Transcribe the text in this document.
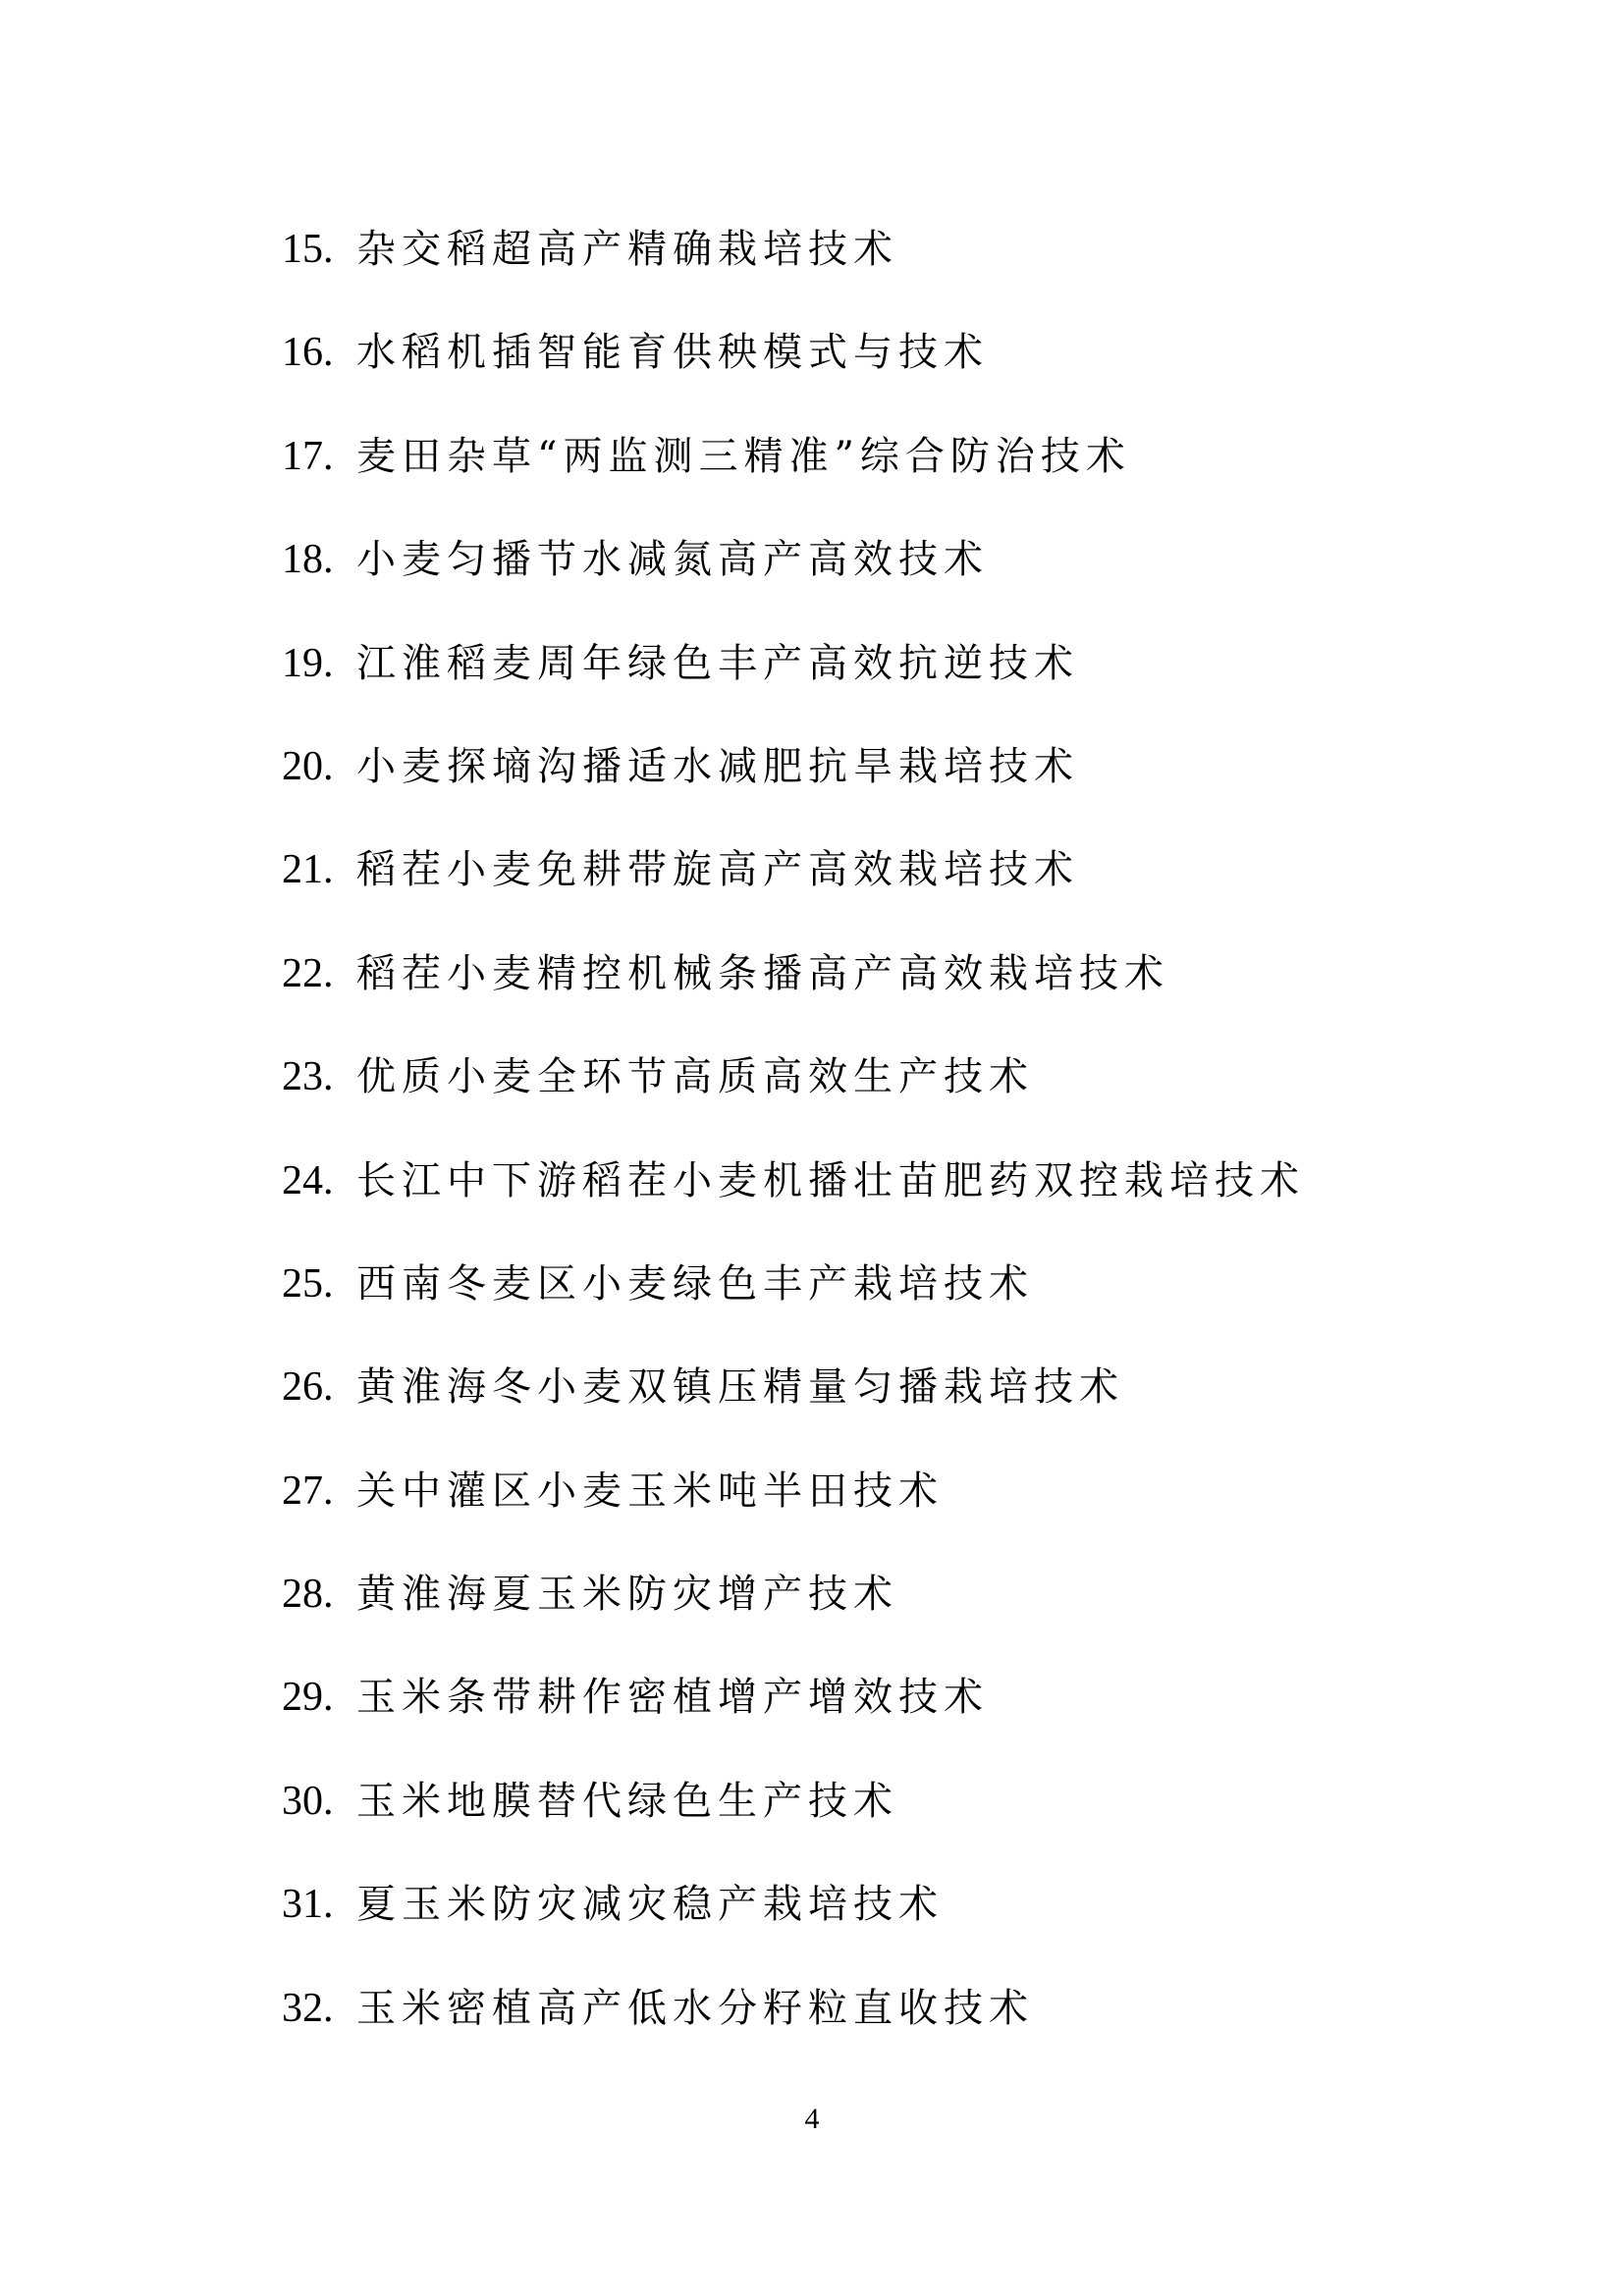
15. 杂交稻超高产精确栽培技术
16. 水稻机插智能育供秧模式与技术
17. 麦田杂草“两监测三精准”综合防治技术
18. 小麦匀播节水减氮高产高效技术
19. 江淮稻麦周年绿色丰产高效抗逆技术
20. 小麦探墒沟播适水减肥抗旱栽培技术
21. 稻茬小麦免耕带旋高产高效栽培技术
22. 稻茬小麦精控机械条播高产高效栽培技术
23. 优质小麦全环节高质高效生产技术
24. 长江中下游稻茬小麦机播壮苗肥药双控栽培技术
25. 西南冬麦区小麦绿色丰产栽培技术
26. 黄淮海冬小麦双镇压精量匀播栽培技术
27. 关中灌区小麦玉米吨半田技术
28. 黄淮海夏玉米防灾增产技术
29. 玉米条带耕作密植增产增效技术
30. 玉米地膜替代绿色生产技术
31. 夏玉米防灾减灾稳产栽培技术
32. 玉米密植高产低水分籽粒直收技术
4
